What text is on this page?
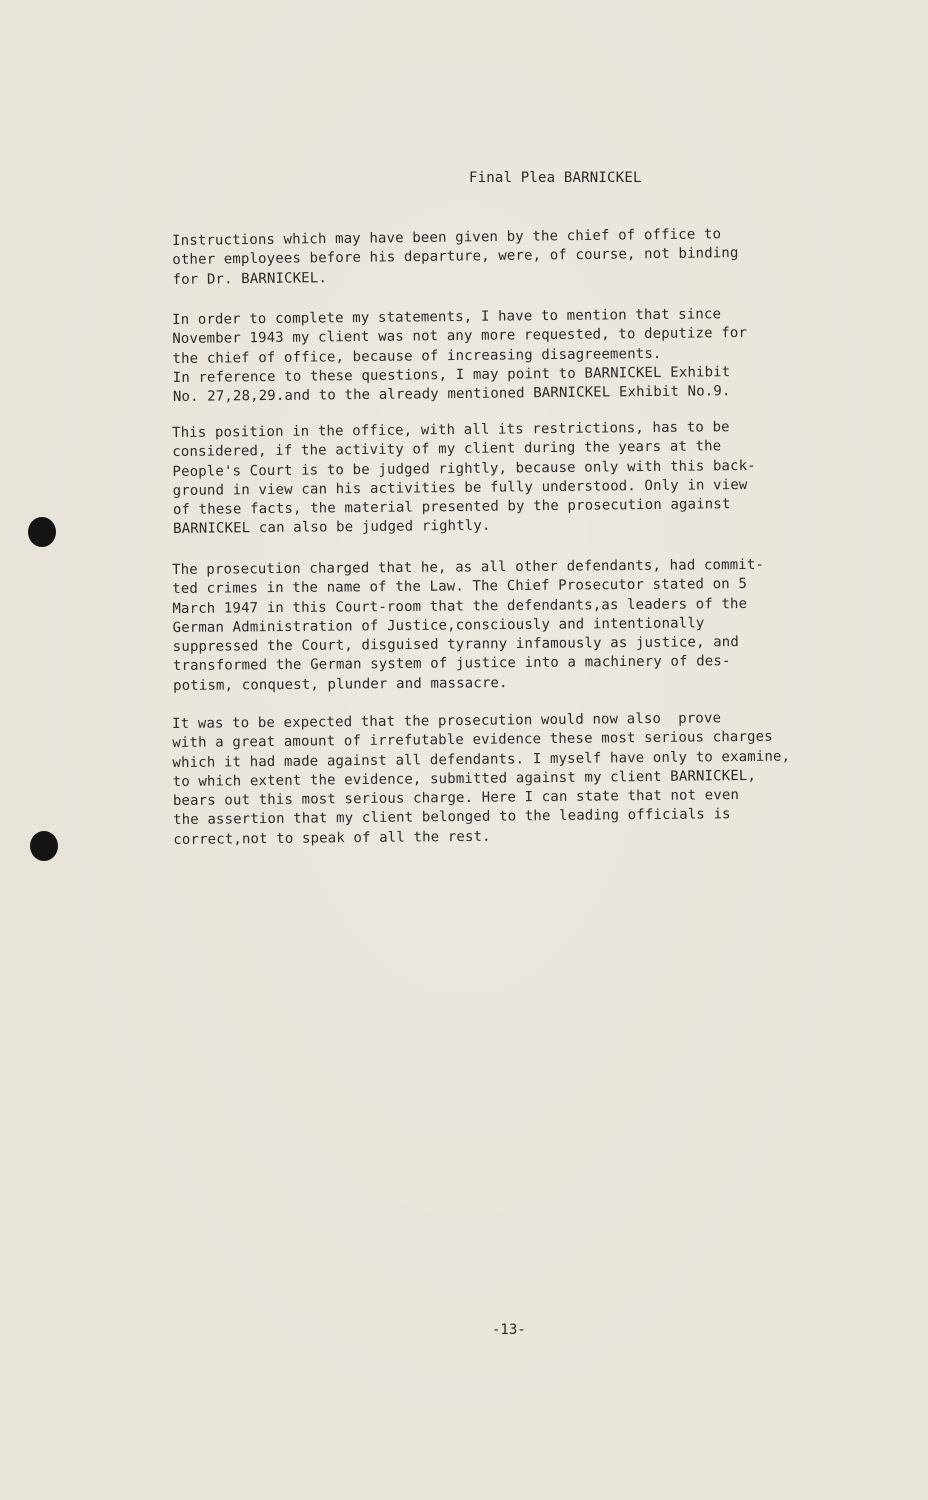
Final Plea BARNICKEL
Instructions which may have been given by the chief of office to
other employees before his departure, were, of course, not binding
for Dr. BARNICKEL.
In order to complete my statements, I have to mention that since
November 1943 my client was not any more requested, to deputize for
the chief of office, because of increasing disagreements.
In reference to these questions, I may point to BARNICKEL Exhibit
No. 27,28,29.and to the already mentioned BARNICKEL Exhibit No.9.
This position in the office, with all its restrictions, has to be
considered, if the activity of my client during the years at the
People's Court is to be judged rightly, because only with this back-
ground in view can his activities be fully understood. Only in view
of these facts, the material presented by the prosecution against
BARNICKEL can also be judged rightly.
The prosecution charged that he, as all other defendants, had commit-
ted crimes in the name of the Law. The Chief Prosecutor stated on 5
March 1947 in this Court-room that the defendants,as leaders of the
German Administration of Justice,consciously and intentionally
suppressed the Court, disguised tyranny infamously as justice, and
transformed the German system of justice into a machinery of des-
potism, conquest, plunder and massacre.
It was to be expected that the prosecution would now also  prove
with a great amount of irrefutable evidence these most serious charges
which it had made against all defendants. I myself have only to examine,
to which extent the evidence, submitted against my client BARNICKEL,
bears out this most serious charge. Here I can state that not even
the assertion that my client belonged to the leading officials is
correct,not to speak of all the rest.
-13-
